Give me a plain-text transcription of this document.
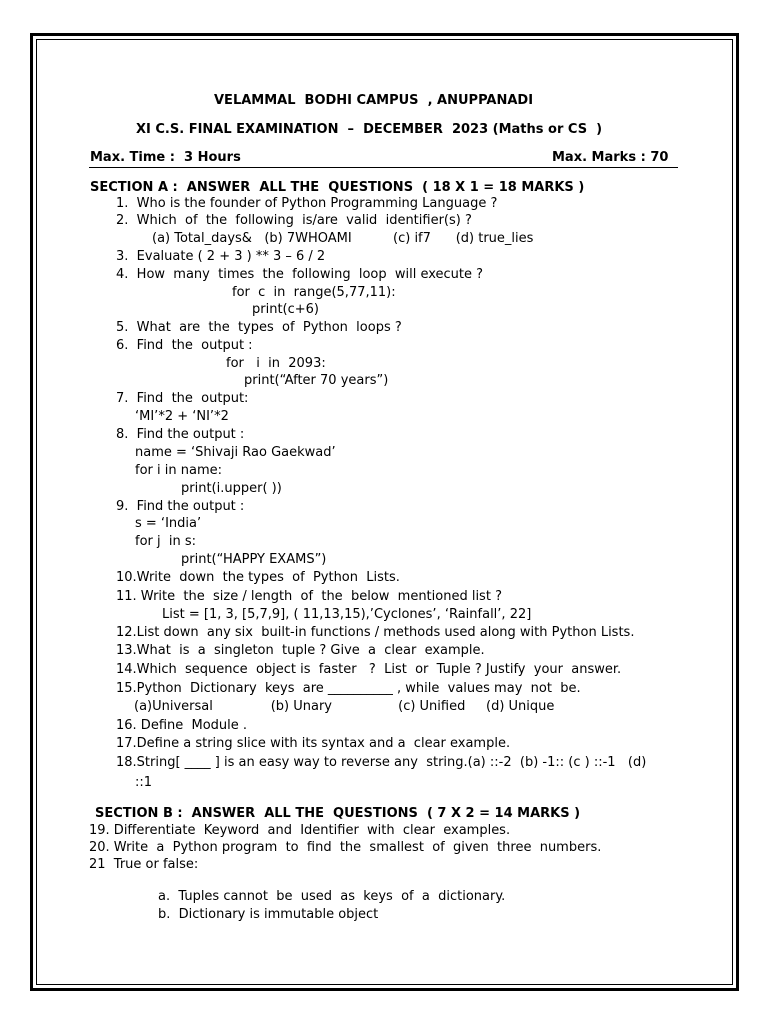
VELAMMAL  BODHI CAMPUS  , ANUPPANADI
XI C.S. FINAL EXAMINATION  –  DECEMBER  2023 (Maths or CS  )
Max. Time :  3 Hours	Max. Marks : 70
SECTION A :  ANSWER  ALL THE  QUESTIONS  ( 18 X 1 = 18 MARKS )
1.  Who is the founder of Python Programming Language ?
2.  Which  of  the  following  is/are  valid  identifier(s) ?
(a) Total_days&   (b) 7WHOAMI          (c) if7      (d) true_lies
3.  Evaluate ( 2 + 3 ) ** 3 – 6 / 2
4.  How  many  times  the  following  loop  will execute ?
for  c  in  range(5,77,11):
print(c+6)
5.  What  are  the  types  of  Python  loops ?
6.  Find  the  output :
for   i  in  2093:
print(“After 70 years”)
7.  Find  the  output:
‘MI’*2 + ‘NI’*2
8.  Find the output :
name = ‘Shivaji Rao Gaekwad’
for i in name:
print(i.upper( ))
9.  Find the output :
s = ‘India’
for j  in s:
print(“HAPPY EXAMS”)
10.Write  down  the types  of  Python  Lists.
11. Write  the  size / length  of  the  below  mentioned list ?
List = [1, 3, [5,7,9], ( 11,13,15),’Cyclones’, ‘Rainfall’, 22]
12.List down  any six  built-in functions / methods used along with Python Lists.
13.What  is  a  singleton  tuple ? Give  a  clear  example.
14.Which  sequence  object is  faster   ?  List  or  Tuple ? Justify  your  answer.
15.Python  Dictionary  keys  are __________ , while  values may  not  be.
(a)Universal              (b) Unary                (c) Unified     (d) Unique
16. Define  Module .
17.Define a string slice with its syntax and a  clear example.
18.String[ ____ ] is an easy way to reverse any  string.(a) ::-2  (b) -1:: (c ) ::-1   (d)
::1
SECTION B :  ANSWER  ALL THE  QUESTIONS  ( 7 X 2 = 14 MARKS )
19. Differentiate  Keyword  and  Identifier  with  clear  examples.
20. Write  a  Python program  to  find  the  smallest  of  given  three  numbers.
21  True or false:
a.  Tuples cannot  be  used  as  keys  of  a  dictionary.
b.  Dictionary is immutable object
